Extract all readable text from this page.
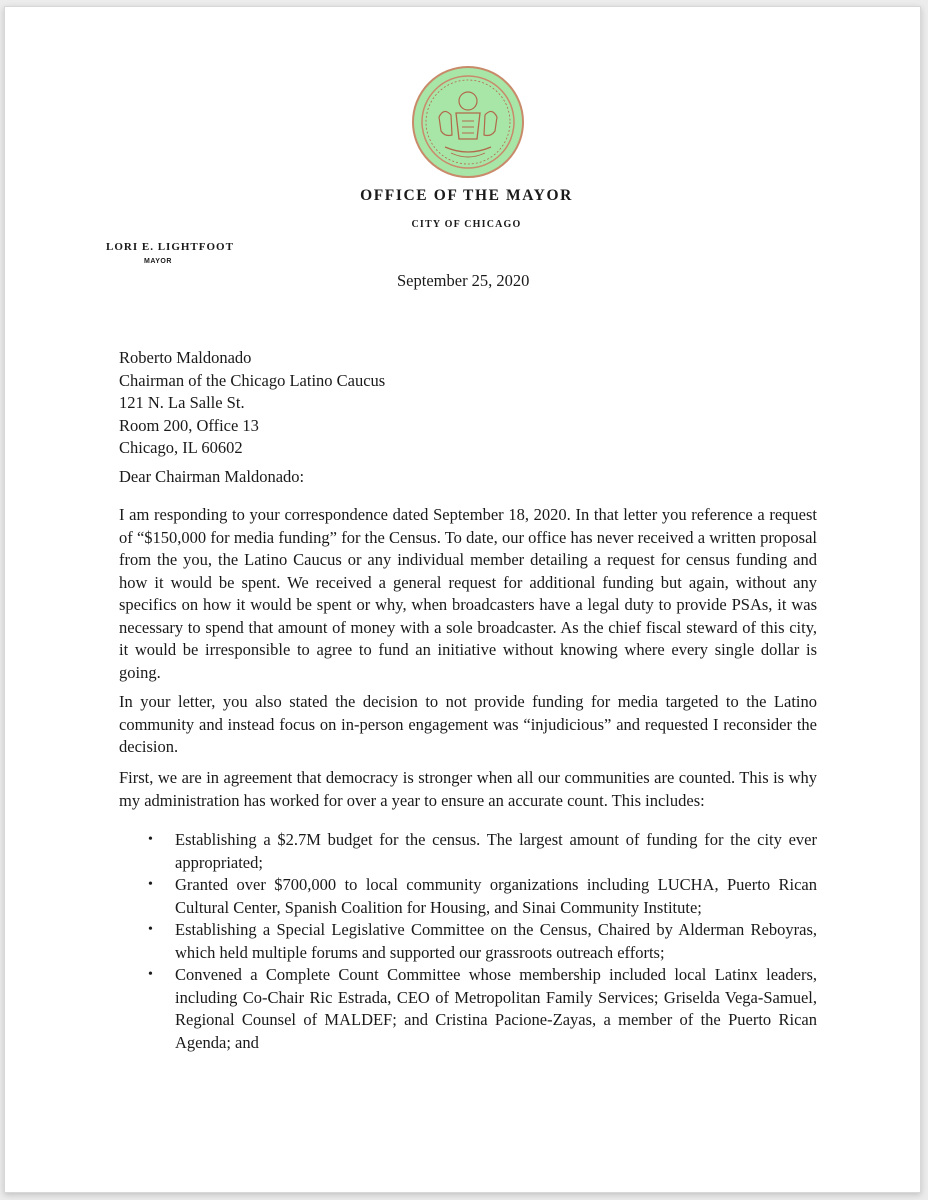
OFFICE OF THE MAYOR
CITY OF CHICAGO
LORI E. LIGHTFOOT
MAYOR
September 25, 2020
Roberto Maldonado
Chairman of the Chicago Latino Caucus
121 N. La Salle St.
Room 200, Office 13
Chicago, IL 60602
Dear Chairman Maldonado:

I am responding to your correspondence dated September 18, 2020. In that letter you reference a request of “$150,000 for media funding” for the Census. To date, our office has never received a written proposal from the you, the Latino Caucus or any individual member detailing a request for census funding and how it would be spent. We received a general request for additional funding but again, without any specifics on how it would be spent or why, when broadcasters have a legal duty to provide PSAs, it was necessary to spend that amount of money with a sole broadcaster. As the chief fiscal steward of this city, it would be irresponsible to agree to fund an initiative without knowing where every single dollar is going.

In your letter, you also stated the decision to not provide funding for media targeted to the Latino community and instead focus on in-person engagement was “injudicious” and requested I reconsider the decision.

First, we are in agreement that democracy is stronger when all our communities are counted. This is why my administration has worked for over a year to ensure an accurate count. This includes:

• Establishing a $2.7M budget for the census. The largest amount of funding for the city ever appropriated;
• Granted over $700,000 to local community organizations including LUCHA, Puerto Rican Cultural Center, Spanish Coalition for Housing, and Sinai Community Institute;
• Establishing a Special Legislative Committee on the Census, Chaired by Alderman Reboyras, which held multiple forums and supported our grassroots outreach efforts;
• Convened a Complete Count Committee whose membership included local Latinx leaders, including Co-Chair Ric Estrada, CEO of Metropolitan Family Services; Griselda Vega-Samuel, Regional Counsel of MALDEF; and Cristina Pacione-Zayas, a member of the Puerto Rican Agenda; and
